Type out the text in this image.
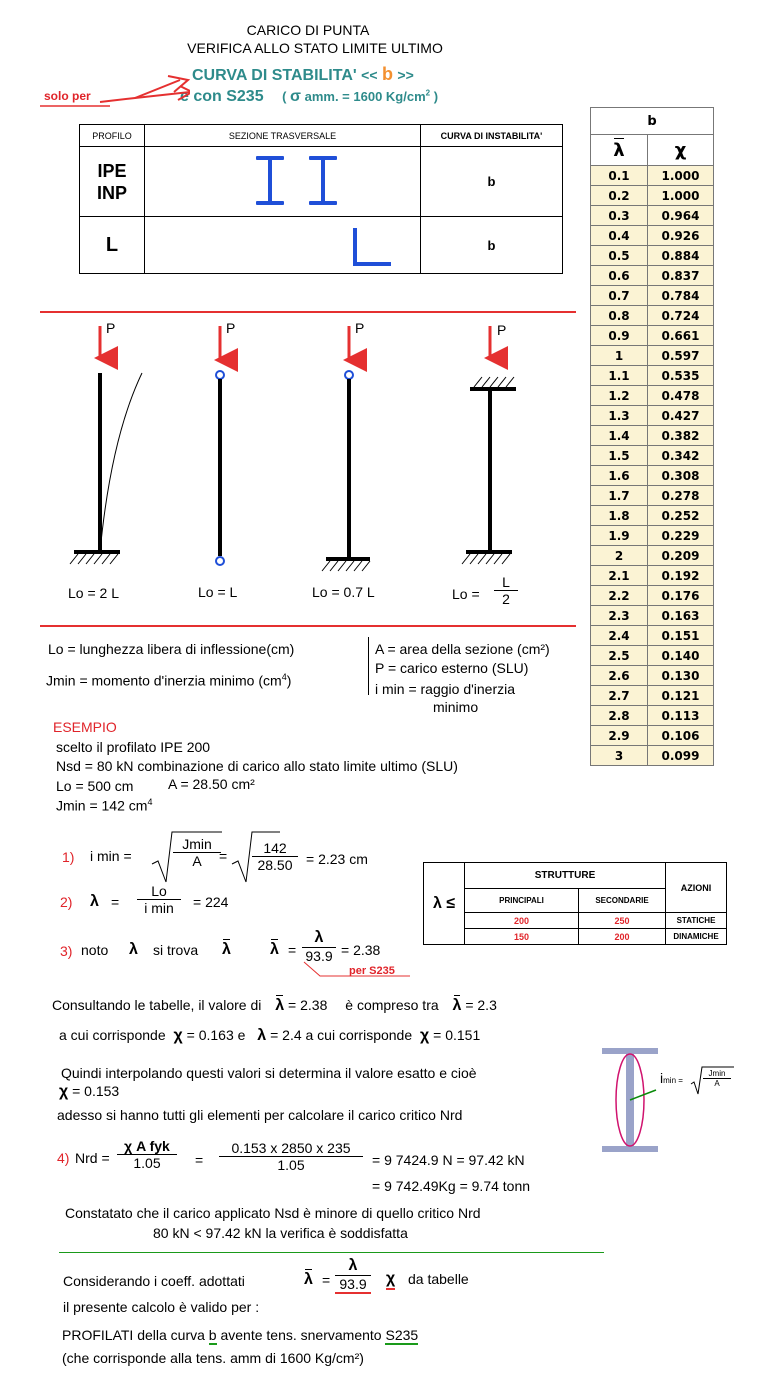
CARICO DI PUNTA
VERIFICA ALLO STATO LIMITE ULTIMO
CURVA DI STABILITA' << b >>
e con S235 ( σ amm. = 1600 $Kg/cm^2$ )
solo per
PROFILO	SEZIONE TRASVERSALE	CURVA DI INSTABILITA'

IPE
INP		b
L		b
b	
λ	χ
0.1	1.000
0.2	1.000
0.3	0.964
0.4	0.926
0.5	0.884
0.6	0.837
0.7	0.784
0.8	0.724
0.9	0.661
1	0.597
1.1	0.535
1.2	0.478
1.3	0.427
1.4	0.382
1.5	0.342
1.6	0.308
1.7	0.278
1.8	0.252
1.9	0.229
2	0.209
2.1	0.192
2.2	0.176
2.3	0.163
2.4	0.151
2.5	0.140
2.6	0.130
2.7	0.121
2.8	0.113
2.9	0.106
3	0.099
P	P	P	P
Lo = 2 L	Lo = L	Lo = 0.7 L	$Lo = \frac{L}{2}$
Lo = lunghezza libera di inflessione(cm)
Jmin = momento d'inerzia minimo $(cm^4)$
A = area della sezione (cm²)
P = carico esterno (SLU)
i min = raggio d'inerzia
minimo
ESEMPIO
scelto il profilato IPE 200
Nsd = 80 kN combinazione di carico allo stato limite ultimo (SLU)
Lo = 500 cm A = 28.50 cm²
Jmin = 142 $cm^4$
1) i min =
Jmin
A	= $\frac{142}{28.50} = 2.23$ cm
2) λ =
Lo
i min	= 224
3) noto λ si trova λ $\lambda = \frac{\lambda}{93.9} = 2.38$
per S235
λ ≤	STRUTTURE		AZIONI
	PRINCIPALI	SECONDARIE	
	200	250	STATICHE
	150	200	DINAMICHE
Consultando le tabelle, il valore di λ = 2.38 è compreso tra λ = 2.3
a cui corrisponde χ = 0.163 e λ = 2.4 a cui corrisponde χ = 0.151
Quindi interpolando questi valori si determina il valore esatto e cioè
χ = 0.153
adesso si hanno tutti gli elementi per calcolare il carico critico Nrd
imin =
Jmin
A
4) Nrd =
χ A fyk
1.05	= $\frac{0.153 x 2850 x 235}{1.05} = 9$ 7424.9 N = 97.42 kN
= 9 742.49Kg = 9.74 tonn
Constatato che il carico applicato Nsd è minore di quello critico Nrd
80 kN < 97.42 kN la verifica è soddisfatta
Considerando i coeff. adottati	$\lambda = \frac{\lambda}{93.9}$ χ da tabelle
il presente calcolo è valido per :
PROFILATI della curva b avente tens. snervamento S235
(che corrisponde alla tens. amm di 1600 Kg/cm²)
